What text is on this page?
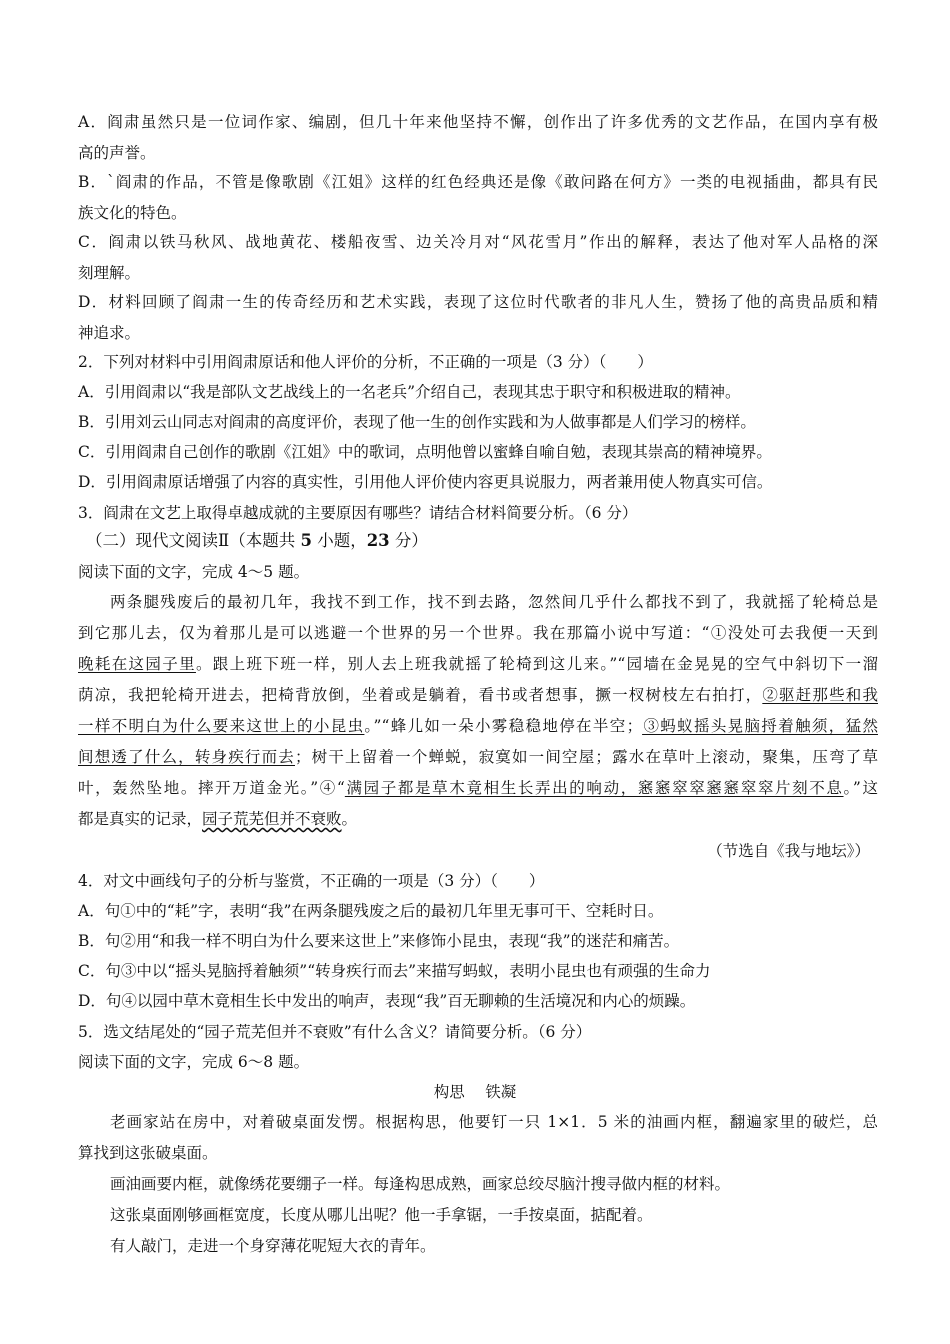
A．阎肃虽然只是一位词作家、编剧，但几十年来他坚持不懈，创作出了许多优秀的文艺作品，在国内享有极
高的声誉。
B．`阎肃的作品，不管是像歌剧《江姐》这样的红色经典还是像《敢问路在何方》一类的电视插曲，都具有民
族文化的特色。
C．阎肃以铁马秋风、战地黄花、楼船夜雪、边关冷月对“风花雪月”作出的解释，表达了他对军人品格的深
刻理解。
D．材料回顾了阎肃一生的传奇经历和艺术实践，表现了这位时代歌者的非凡人生，赞扬了他的高贵品质和精
神追求。
2．下列对材料中引用阎肃原话和他人评价的分析，不正确的一项是（3 分）（　　）
A．引用阎肃以“我是部队文艺战线上的一名老兵”介绍自己，表现其忠于职守和积极进取的精神。
B．引用刘云山同志对阎肃的高度评价，表现了他一生的创作实践和为人做事都是人们学习的榜样。
C．引用阎肃自己创作的歌剧《江姐》中的歌词，点明他曾以蜜蜂自喻自勉，表现其崇高的精神境界。
D．引用阎肃原话增强了内容的真实性，引用他人评价使内容更具说服力，两者兼用使人物真实可信。
3．阎肃在文艺上取得卓越成就的主要原因有哪些？请结合材料简要分析。（6 分）
（二）现代文阅读Ⅱ（本题共 5 小题，23 分）
阅读下面的文字，完成 4～5 题。
两条腿残废后的最初几年，我找不到工作，找不到去路，忽然间几乎什么都找不到了，我就摇了轮椅总是
到它那儿去，仅为着那儿是可以逃避一个世界的另一个世界。我在那篇小说中写道：“①没处可去我便一天到
晚耗在这园子里。跟上班下班一样，别人去上班我就摇了轮椅到这儿来。”“园墙在金晃晃的空气中斜切下一溜
荫凉，我把轮椅开进去，把椅背放倒，坐着或是躺着，看书或者想事，撅一杈树枝左右拍打，②驱赶那些和我
一样不明白为什么要来这世上的小昆虫。”“蜂儿如一朵小雾稳稳地停在半空；③蚂蚁摇头晃脑捋着触须，猛然
间想透了什么，转身疾行而去；树干上留着一个蝉蜕，寂寞如一间空屋；露水在草叶上滚动，聚集，压弯了草
叶，轰然坠地。摔开万道金光。”④“满园子都是草木竟相生长弄出的响动，窸窸窣窣窸窸窣窣片刻不息。”这
都是真实的记录，园子荒芜但并不衰败。
（节选自《我与地坛》）
4．对文中画线句子的分析与鉴赏，不正确的一项是（3 分）（　　）
A．句①中的“耗”字，表明“我”在两条腿残废之后的最初几年里无事可干、空耗时日。
B．句②用“和我一样不明白为什么要来这世上”来修饰小昆虫，表现“我”的迷茫和痛苦。
C．句③中以“摇头晃脑捋着触须”“转身疾行而去”来描写蚂蚁，表明小昆虫也有顽强的生命力
D．句④以园中草木竟相生长中发出的响声，表现“我”百无聊赖的生活境况和内心的烦躁。
5．选文结尾处的“园子荒芜但并不衰败”有什么含义？请简要分析。（6 分）
阅读下面的文字，完成 6～8 题。
构思　 铁凝
老画家站在房中，对着破桌面发愣。根据构思，他要钉一只 1×1．5 米的油画内框，翻遍家里的破烂，总
算找到这张破桌面。
画油画要内框，就像绣花要绷子一样。每逢构思成熟，画家总绞尽脑汁搜寻做内框的材料。
这张桌面刚够画框宽度，长度从哪儿出呢？他一手拿锯，一手按桌面，掂配着。
有人敲门，走进一个身穿薄花呢短大衣的青年。
